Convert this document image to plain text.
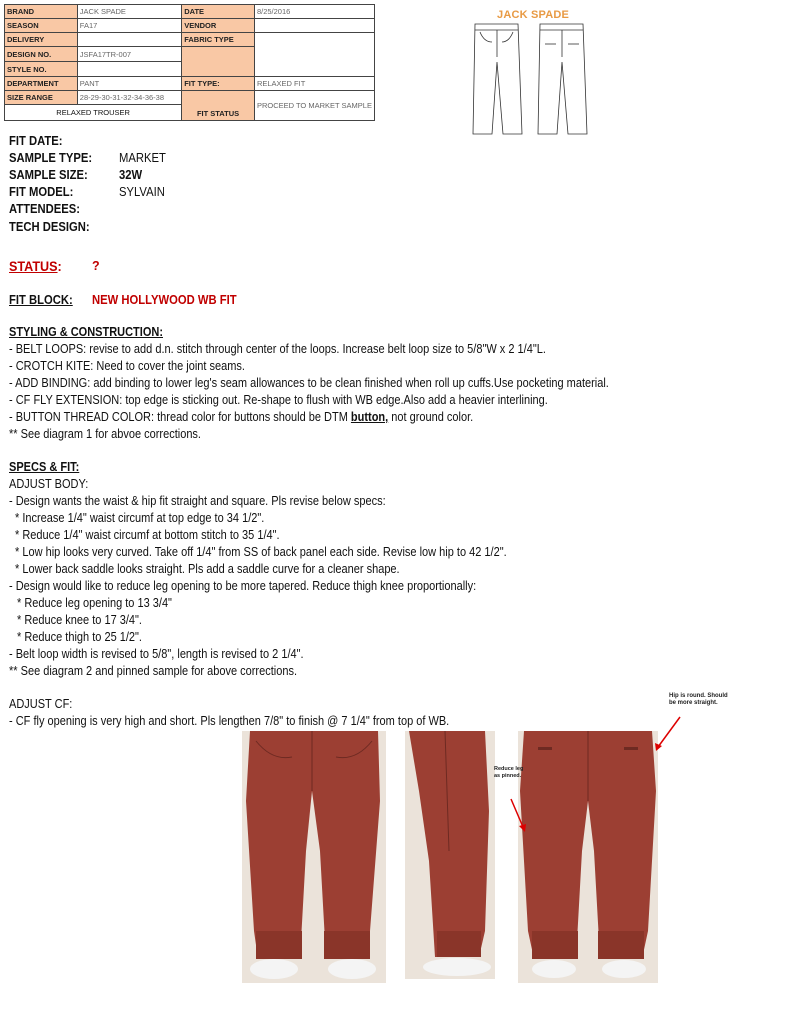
BRAND	JACK SPADE	DATE	8/25/2016
SEASON	FA17	VENDOR	
DELIVERY		FABRIC TYPE	
DESIGN NO.	JSFA17TR-007		
STYLE NO.			
DEPARTMENT	PANT	FIT TYPE:	RELAXED FIT
SIZE RANGE	28-29-30-31-32-34-36-38	FIT STATUS	PROCEED TO MARKET SAMPLE
RELAXED TROUSER			
JACK SPADE
FIT DATE:
SAMPLE TYPE: MARKET
SAMPLE SIZE: 32W
FIT MODEL:	SYLVAIN
ATTENDEES:
TECH DESIGN:
STATUS: ?
FIT BLOCK: NEW HOLLYWOOD WB FIT
STYLING & CONSTRUCTION:
- BELT LOOPS: revise to add d.n. stitch through center of the loops. Increase belt loop size to 5/8"W x 2 1/4"L.
- CROTCH KITE: Need to cover the joint seams.
- ADD BINDING: add binding to lower leg's seam allowances to be clean finished when roll up cuffs.Use pocketing material.
- CF FLY EXTENSION: top edge is sticking out. Re-shape to flush with WB edge.Also add a heavier interlining.
- BUTTON THREAD COLOR: thread color for buttons should be DTM button, not ground color.
** See diagram 1 for abvoe corrections.
SPECS & FIT:
ADJUST BODY:
- Design wants the waist & hip fit straight and square. Pls revise below specs:
* Increase 1/4" waist circumf at top edge to 34 1/2".
* Reduce 1/4" waist circumf at bottom stitch to 35 1/4".
* Low hip looks very curved. Take off 1/4" from SS of back panel each side. Revise low hip to 42 1/2".
* Lower back saddle looks straight. Pls add a saddle curve for a cleaner shape.
- Design would like to reduce leg opening to be more tapered. Reduce thigh knee proportionally:
* Reduce leg opening to 13 3/4"
* Reduce knee to 17 3/4".
* Reduce thigh to 25 1/2".
- Belt loop width is revised to 5/8", length is revised to 2 1/4".
** See diagram 2 and pinned sample for above corrections.
ADJUST CF:
- CF fly opening is very high and short. Pls lengthen 7/8" to finish @ 7 1/4" from top of WB.
Hip is round. Should be more straight.
Reduce leg as pinned.
